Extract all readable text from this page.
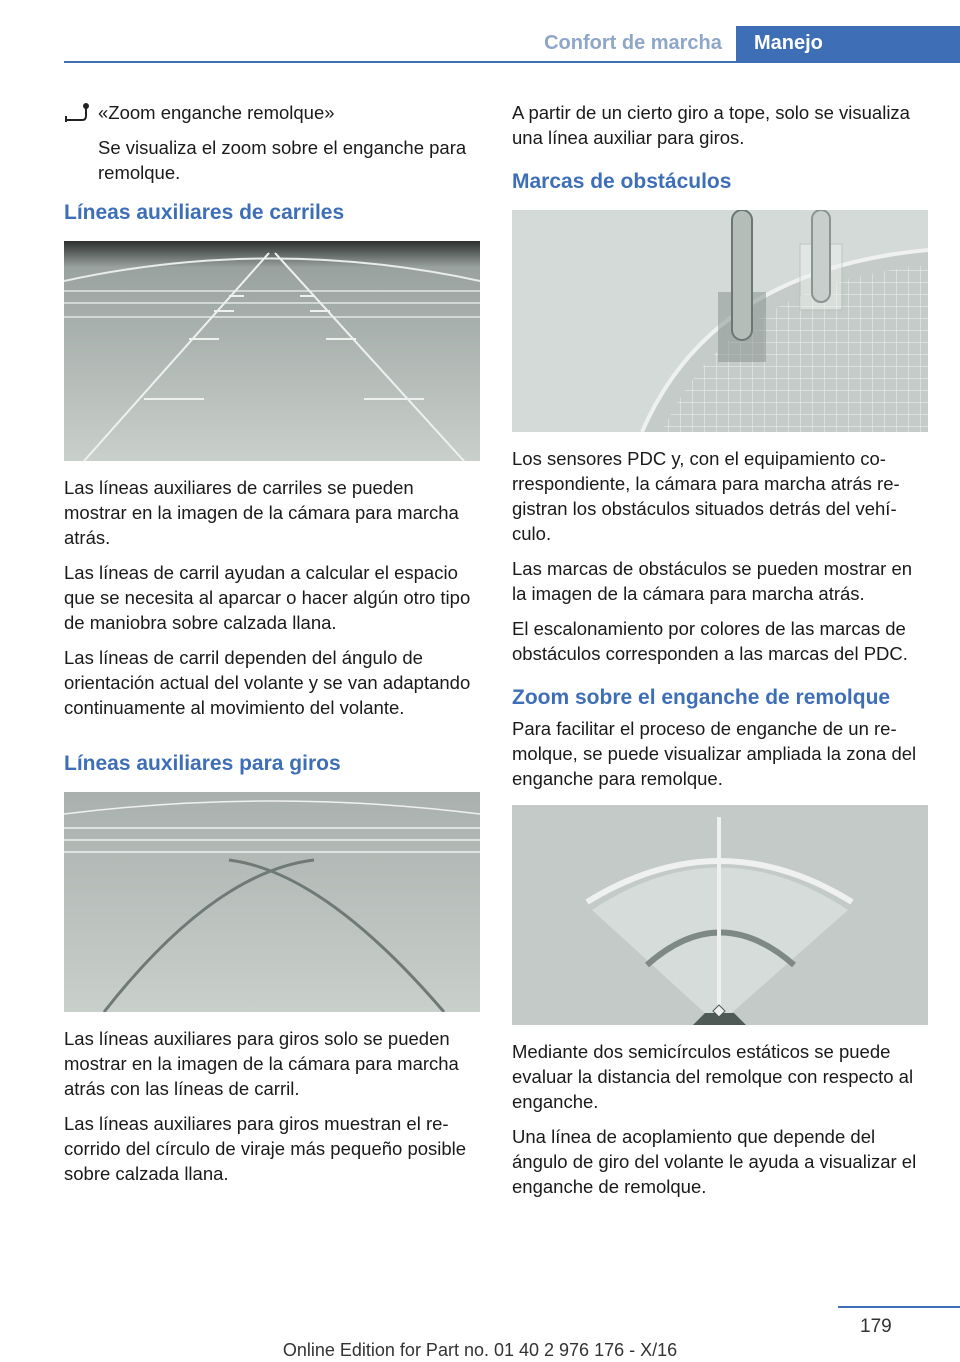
Confort de marcha	Manejo

«Zoom enganche remolque»

Se visualiza el zoom sobre el enganche para remolque.

Líneas auxiliares de carriles

Las líneas auxiliares de carriles se pueden mostrar en la imagen de la cámara para marcha atrás.

Las líneas de carril ayudan a calcular el espacio que se necesita al aparcar o hacer algún otro tipo de maniobra sobre calzada llana.

Las líneas de carril dependen del ángulo de orientación actual del volante y se van adaptando continuamente al movimiento del volante.

Líneas auxiliares para giros

Las líneas auxiliares para giros solo se pueden mostrar en la imagen de la cámara para marcha atrás con las líneas de carril.

Las líneas auxiliares para giros muestran el recorrido del círculo de viraje más pequeño posible sobre calzada llana.

A partir de un cierto giro a tope, solo se visualiza una línea auxiliar para giros.

Marcas de obstáculos

Los sensores PDC y, con el equipamiento correspondiente, la cámara para marcha atrás registran los obstáculos situados detrás del vehículo.

Las marcas de obstáculos se pueden mostrar en la imagen de la cámara para marcha atrás.

El escalonamiento por colores de las marcas de obstáculos corresponden a las marcas del PDC.

Zoom sobre el enganche de remolque

Para facilitar el proceso de enganche de un remolque, se puede visualizar ampliada la zona del enganche para remolque.

Mediante dos semicírculos estáticos se puede evaluar la distancia del remolque con respecto al enganche.

Una línea de acoplamiento que depende del ángulo de giro del volante le ayuda a visualizar el enganche de remolque.

179
Online Edition for Part no. 01 40 2 976 176 - X/16
